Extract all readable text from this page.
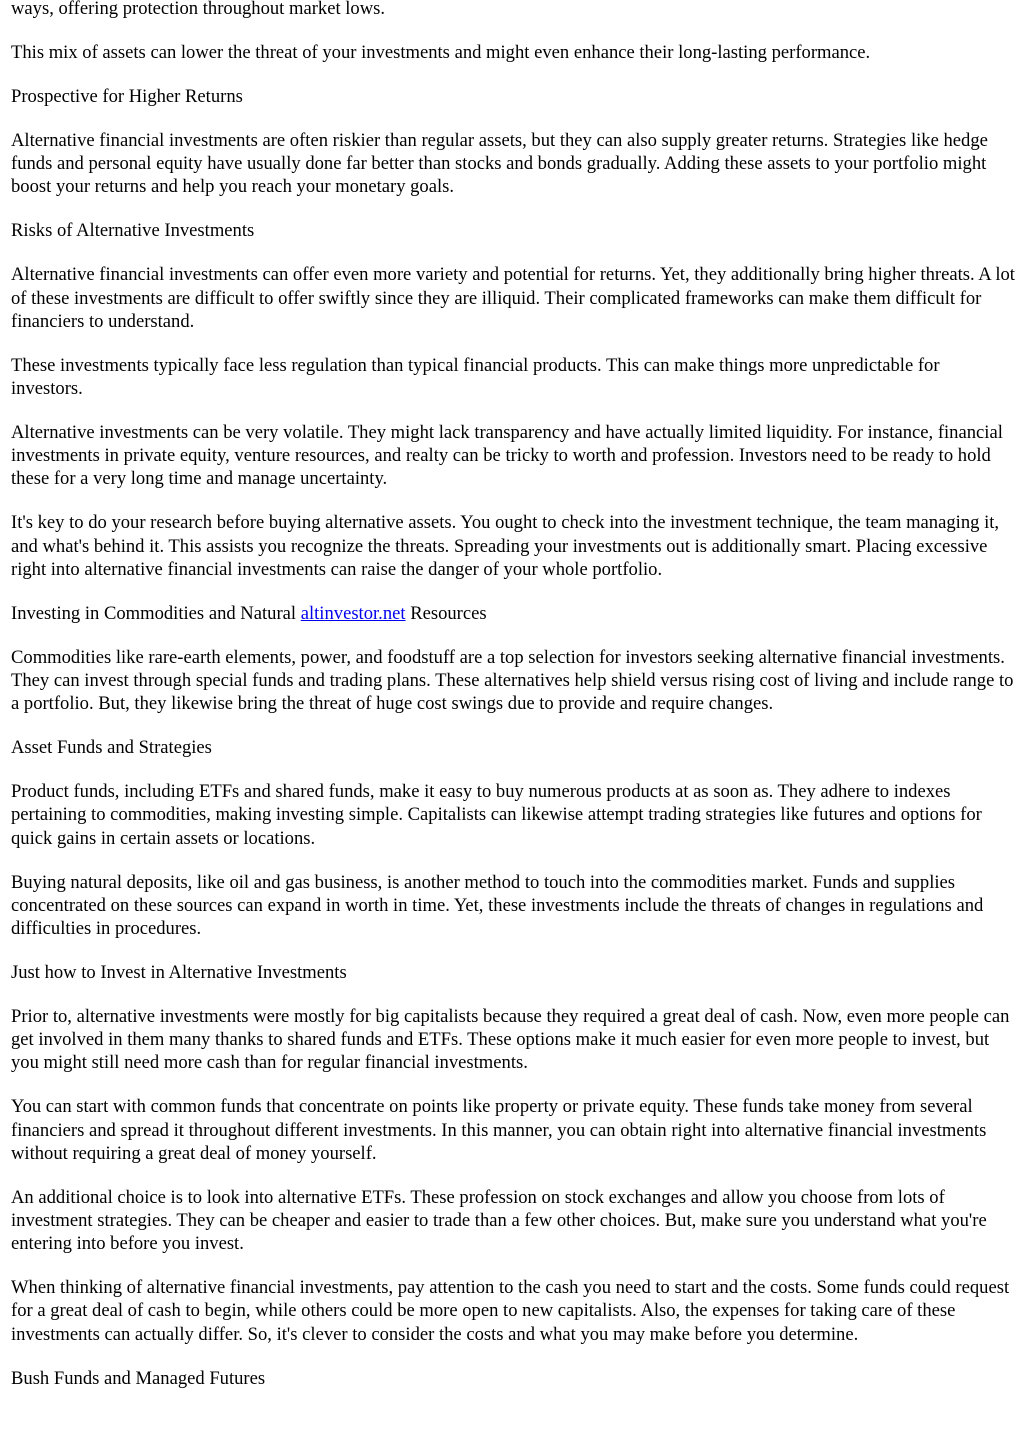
ways, offering protection throughout market lows.

This mix of assets can lower the threat of your investments and might even enhance their long-lasting performance.

Prospective for Higher Returns

Alternative financial investments are often riskier than regular assets, but they can also supply greater returns. Strategies like hedge funds and personal equity have usually done far better than stocks and bonds gradually. Adding these assets to your portfolio might boost your returns and help you reach your monetary goals.

Risks of Alternative Investments

Alternative financial investments can offer even more variety and potential for returns. Yet, they additionally bring higher threats. A lot of these investments are difficult to offer swiftly since they are illiquid. Their complicated frameworks can make them difficult for financiers to understand.

These investments typically face less regulation than typical financial products. This can make things more unpredictable for investors.

Alternative investments can be very volatile. They might lack transparency and have actually limited liquidity. For instance, financial investments in private equity, venture resources, and realty can be tricky to worth and profession. Investors need to be ready to hold these for a very long time and manage uncertainty.

It's key to do your research before buying alternative assets. You ought to check into the investment technique, the team managing it, and what's behind it. This assists you recognize the threats. Spreading your investments out is additionally smart. Placing excessive right into alternative financial investments can raise the danger of your whole portfolio.

Investing in Commodities and Natural altinvestor.net Resources

Commodities like rare-earth elements, power, and foodstuff are a top selection for investors seeking alternative financial investments. They can invest through special funds and trading plans. These alternatives help shield versus rising cost of living and include range to a portfolio. But, they likewise bring the threat of huge cost swings due to provide and require changes.

Asset Funds and Strategies

Product funds, including ETFs and shared funds, make it easy to buy numerous products at as soon as. They adhere to indexes pertaining to commodities, making investing simple. Capitalists can likewise attempt trading strategies like futures and options for quick gains in certain assets or locations.

Buying natural deposits, like oil and gas business, is another method to touch into the commodities market. Funds and supplies concentrated on these sources can expand in worth in time. Yet, these investments include the threats of changes in regulations and difficulties in procedures.

Just how to Invest in Alternative Investments

Prior to, alternative investments were mostly for big capitalists because they required a great deal of cash. Now, even more people can get involved in them many thanks to shared funds and ETFs. These options make it much easier for even more people to invest, but you might still need more cash than for regular financial investments.

You can start with common funds that concentrate on points like property or private equity. These funds take money from several financiers and spread it throughout different investments. In this manner, you can obtain right into alternative financial investments without requiring a great deal of money yourself.

An additional choice is to look into alternative ETFs. These profession on stock exchanges and allow you choose from lots of investment strategies. They can be cheaper and easier to trade than a few other choices. But, make sure you understand what you're entering into before you invest.

When thinking of alternative financial investments, pay attention to the cash you need to start and the costs. Some funds could request for a great deal of cash to begin, while others could be more open to new capitalists. Also, the expenses for taking care of these investments can actually differ. So, it's clever to consider the costs and what you may make before you determine.

Bush Funds and Managed Futures
